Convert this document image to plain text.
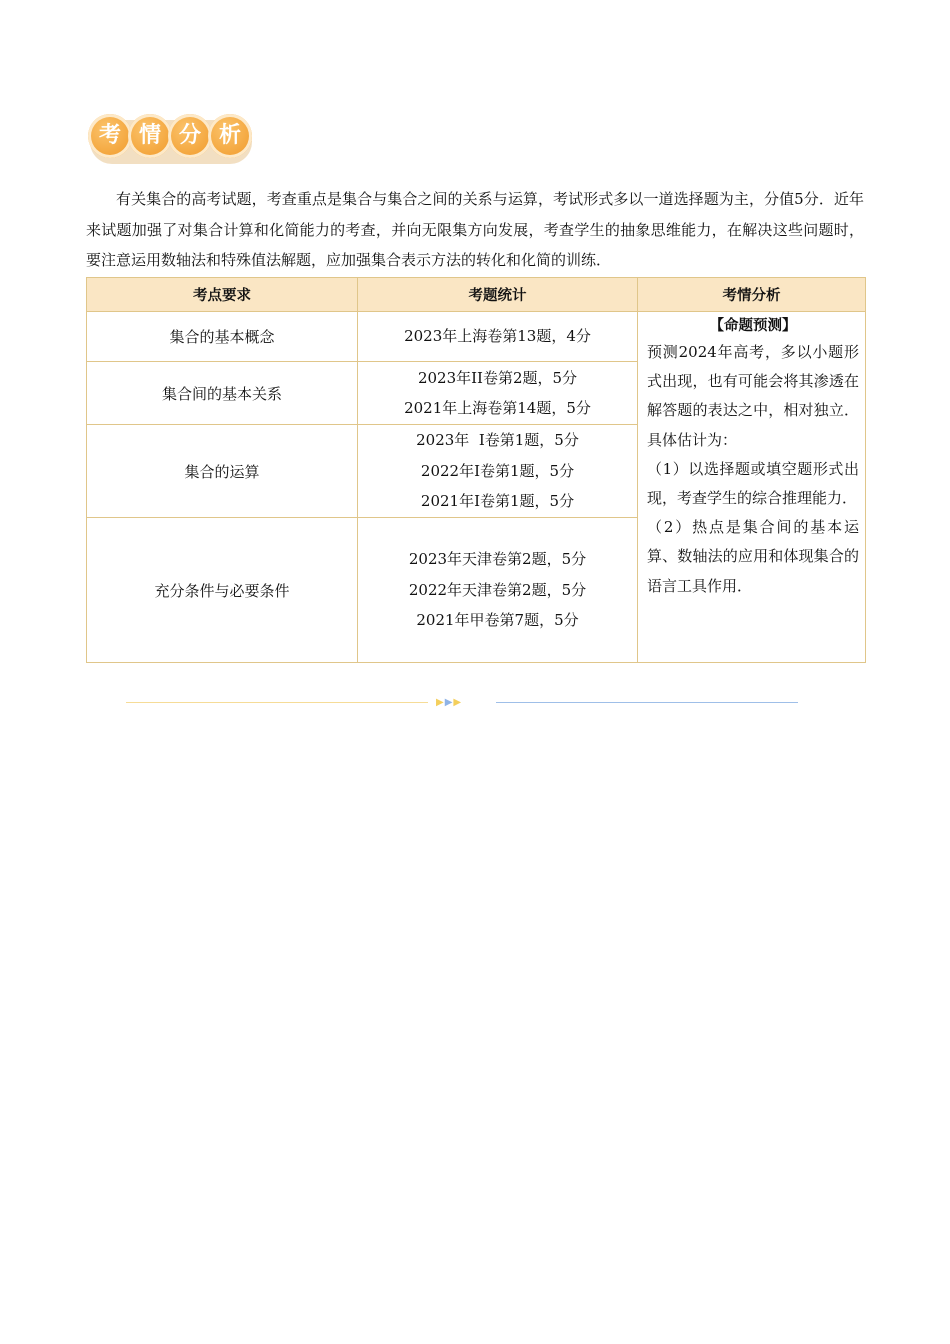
考 情 分 析

有关集合的高考试题，考查重点是集合与集合之间的关系与运算，考试形式多以一道选择题为主，分值5分．近年来试题加强了对集合计算和化简能力的考查，并向无限集方向发展，考查学生的抽象思维能力，在解决这些问题时，要注意运用数轴法和特殊值法解题，应加强集合表示方法的转化和化简的训练．

考点要求	考题统计	考情分析
集合的基本概念	2023年上海卷第13题，4分	【命题预测】
预测2024年高考，多以小题形式出现，也有可能会将其渗透在解答题的表达之中，相对独立．具体估计为：
（1）以选择题或填空题形式出现，考查学生的综合推理能力．
（2）热点是集合间的基本运算、数轴法的应用和体现集合的语言工具作用．
集合间的基本关系	2023年II卷第2题，5分
2021年上海卷第14题，5分	

集合的运算	2023年  I卷第1题，5分
2022年I卷第1题，5分
2021年I卷第1题，5分	

充分条件与必要条件	2023年天津卷第2题，5分
2022年天津卷第2题，5分
2021年甲卷第7题，5分	
▶▶▶
